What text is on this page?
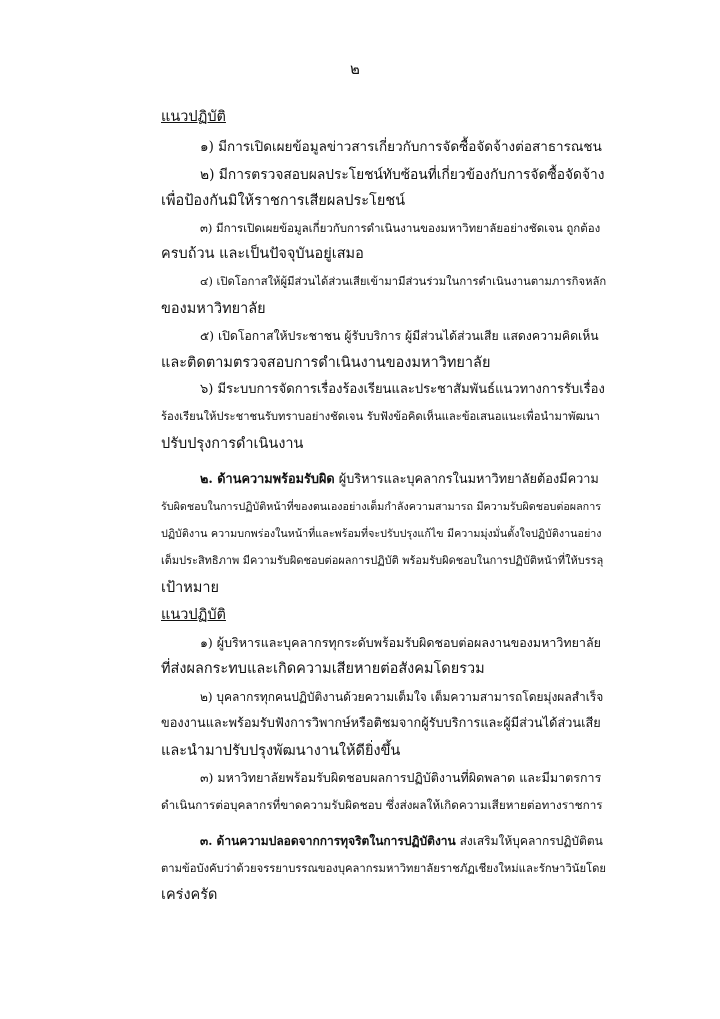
๒
แนวปฏิบัติ
๑) มีการเปิดเผยข้อมูลข่าวสารเกี่ยวกับการจัดซื้อจัดจ้างต่อสาธารณชน
๒) มีการตรวจสอบผลประโยชน์ทับซ้อนที่เกี่ยวข้องกับการจัดซื้อจัดจ้าง
เพื่อป้องกันมิให้ราชการเสียผลประโยชน์
๓) มีการเปิดเผยข้อมูลเกี่ยวกับการดำเนินงานของมหาวิทยาลัยอย่างชัดเจน ถูกต้อง
ครบถ้วน และเป็นปัจจุบันอยู่เสมอ
๔) เปิดโอกาสให้ผู้มีส่วนได้ส่วนเสียเข้ามามีส่วนร่วมในการดำเนินงานตามภารกิจหลัก
ของมหาวิทยาลัย
๕) เปิดโอกาสให้ประชาชน ผู้รับบริการ ผู้มีส่วนได้ส่วนเสีย แสดงความคิดเห็น
และติดตามตรวจสอบการดำเนินงานของมหาวิทยาลัย
๖) มีระบบการจัดการเรื่องร้องเรียนและประชาสัมพันธ์แนวทางการรับเรื่อง
ร้องเรียนให้ประชาชนรับทราบอย่างชัดเจน รับฟังข้อคิดเห็นและข้อเสนอแนะเพื่อนำมาพัฒนา
ปรับปรุงการดำเนินงาน
๒. ด้านความพร้อมรับผิด ผู้บริหารและบุคลากรในมหาวิทยาลัยต้องมีความ
รับผิดชอบในการปฏิบัติหน้าที่ของตนเองอย่างเต็มกำลังความสามารถ มีความรับผิดชอบต่อผลการ
ปฏิบัติงาน ความบกพร่องในหน้าที่และพร้อมที่จะปรับปรุงแก้ไข มีความมุ่งมั่นตั้งใจปฏิบัติงานอย่าง
เต็มประสิทธิภาพ มีความรับผิดชอบต่อผลการปฏิบัติ พร้อมรับผิดชอบในการปฏิบัติหน้าที่ให้บรรลุ
เป้าหมาย
แนวปฏิบัติ
๑) ผู้บริหารและบุคลากรทุกระดับพร้อมรับผิดชอบต่อผลงานของมหาวิทยาลัย
ที่ส่งผลกระทบและเกิดความเสียหายต่อสังคมโดยรวม
๒) บุคลากรทุกคนปฏิบัติงานด้วยความเต็มใจ เต็มความสามารถโดยมุ่งผลสำเร็จ
ของงานและพร้อมรับฟังการวิพากษ์หรือติชมจากผู้รับบริการและผู้มีส่วนได้ส่วนเสีย
และนำมาปรับปรุงพัฒนางานให้ดียิ่งขึ้น
๓) มหาวิทยาลัยพร้อมรับผิดชอบผลการปฏิบัติงานที่ผิดพลาด และมีมาตรการ
ดำเนินการต่อบุคลากรที่ขาดความรับผิดชอบ ซึ่งส่งผลให้เกิดความเสียหายต่อทางราชการ
๓. ด้านความปลอดจากการทุจริตในการปฏิบัติงาน ส่งเสริมให้บุคลากรปฏิบัติตน
ตามข้อบังคับว่าด้วยจรรยาบรรณของบุคลากรมหาวิทยาลัยราชภัฏเชียงใหม่และรักษาวินัยโดย
เคร่งครัด
